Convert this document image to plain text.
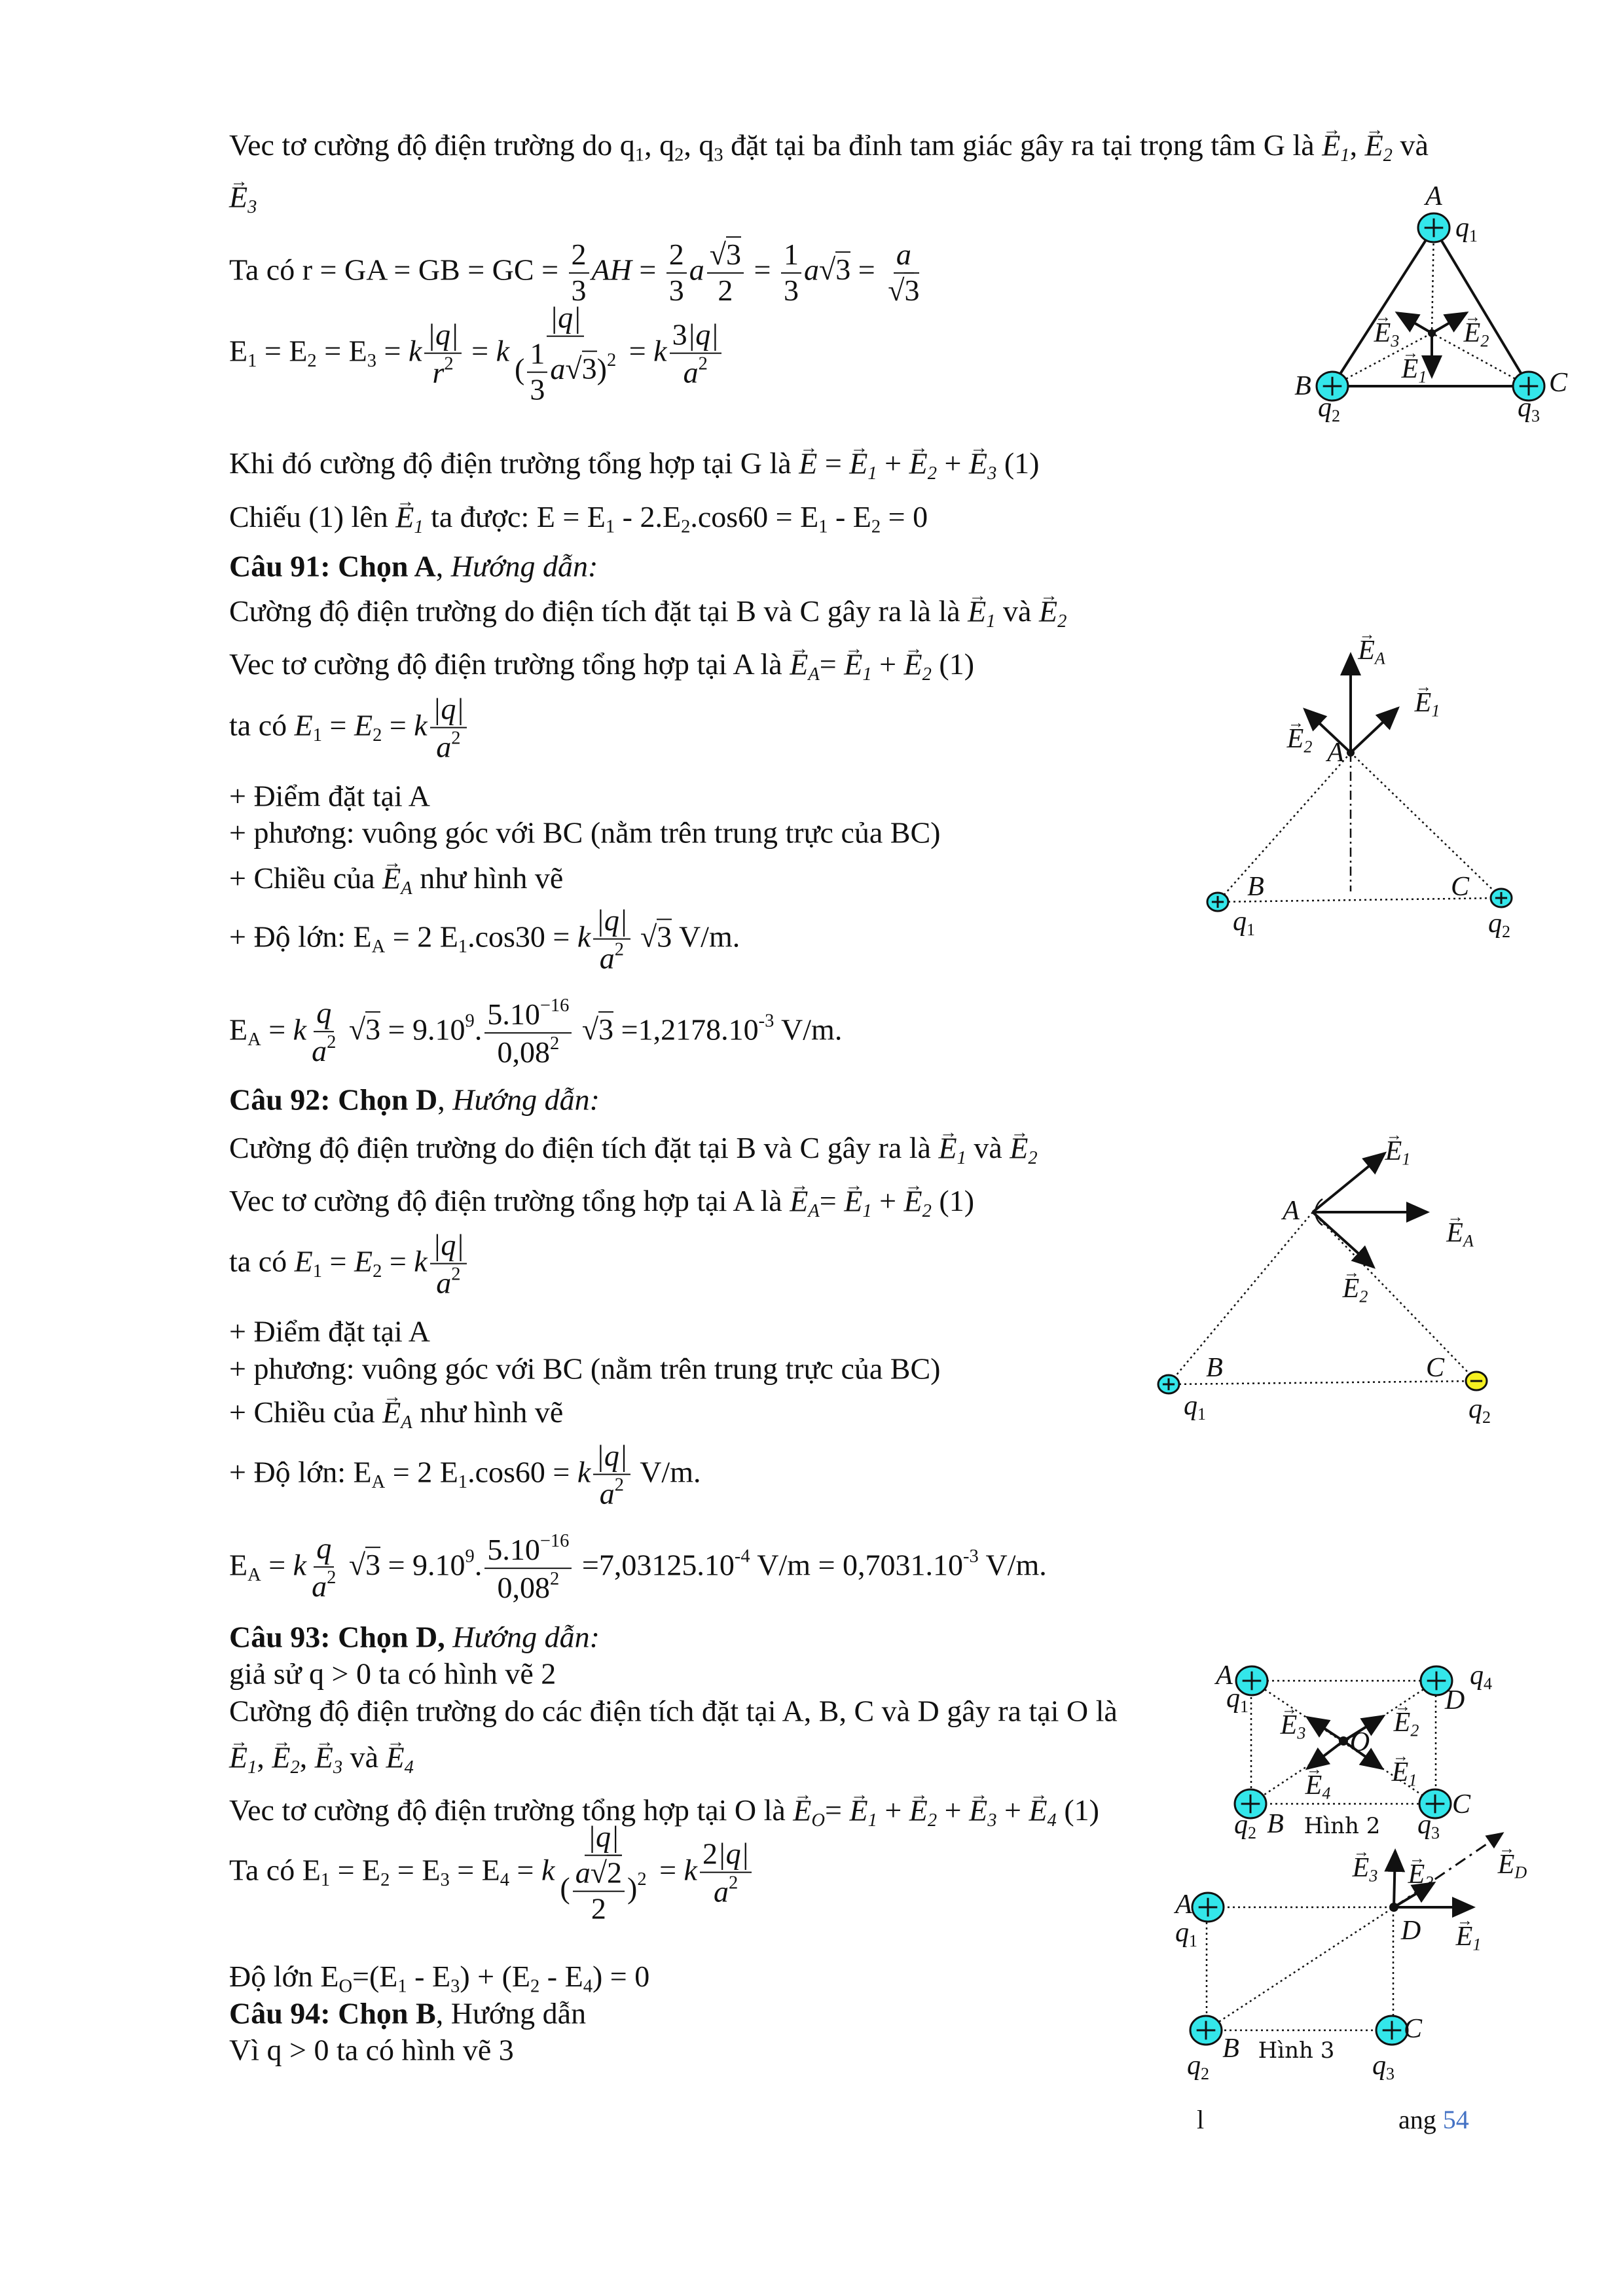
Vec tơ cường độ điện trường do $q_1$, $q_2$, $q_3$ đặt tại ba đỉnh tam giác gây ra tại trọng tâm G là → $E_1$, → $E_2$ và
→ $E_3$
Ta có r = GA = GB = GC = $\frac{2}{3}$ AH = $\frac{2}{3}$ a √ $\frac{3}{2} = \frac{1}{3}$ a √ 3 = a
√ 3
$E_1 = E_2 = E_3 = k \frac{|q|}{r^2} = k \frac{|q|}{( \frac{1}{3} a √ 3)^2} = k \frac{3|q|}{a^2}$
Khi đó cường độ điện trường tổng hợp tại G là → E = → $E_1$ + → $E_2$ + → $E_3$ (1)
Chiếu (1) lên → $E_1$ ta được: $E = E_1 - 2.E_2.\cos 60 = E_1 - E_2 = 0$
Câu 91: Chọn A, Hướng dẫn:
Cường độ điện trường do điện tích đặt tại B và C gây ra là là → $E_1$ và → $E_2$
Vec tơ cường độ điện trường tổng hợp tại A là → $E_A= \to E_1$ + → $E_2$ (1)
ta có $E_1 = E_2 = k \frac{|q|}{a^2}$
+ Điểm đặt tại A
+ phương: vuông góc với BC (nằm trên trung trực của BC)
+ Chiều của → $E_A$ như hình vẽ
+ Độ lớn: $E_A = 2$ $E_1.\cos 30 = k \frac{|q|}{a^2}$ √ 3 V/m.
$E_A = k \frac{q}{a^2}$ √ $3 = 9.10^9$. $\frac{5.10^{-16}}{0,08^2}$ √ $3 =1,2178.10^{-3}$ V/m.
Câu 92: Chọn D, Hướng dẫn:
Cường độ điện trường do điện tích đặt tại B và C gây ra là → $E_1$ và → $E_2$
Vec tơ cường độ điện trường tổng hợp tại A là → $E_A= \to E_1$ + → $E_2$ (1)
ta có $E_1 = E_2 = k \frac{|q|}{a^2}$
+ Điểm đặt tại A
+ phương: vuông góc với BC (nằm trên trung trực của BC)
+ Chiều của → $E_A$ như hình vẽ
+ Độ lớn: $E_A = 2$ $E_1.\cos 60 = k \frac{|q|}{a^2} V/m$.
$E_A = k \frac{q}{a^2}$ √ $3 = 9.10^9$. $\frac{5.10^{-16}}{0,08^2} =7,03125.10^{-4}$ $V/m = 0,7031.10^{-3}$ V/m.
Câu 93: Chọn D, Hướng dẫn:
giả sử q > 0 ta có hình vẽ 2
Cường độ điện trường do các điện tích đặt tại A, B, C và D gây ra tại O là
→ $E_1$, → $E_2$, → $E_3$ và → $E_4$
Vec tơ cường độ điện trường tổng hợp tại O là → $E_O= \to E_1$ + → $E_2$ + → $E_3$ + → $E_4$ (1)
Ta có $E_1 = E_2 = E_3 = E_4 = k \frac{|q|}{( \frac{a √ 2}{2} )^2} = k \frac{2|q|}{a^2}$
Độ lớn $E_O=(E_1 - E_3) + (E_2 - E_4) = 0$
Câu 94: Chọn B, Hướng dẫn
Vì q > 0 ta có hình vẽ 3
A
$q_1$
B
$q_2$
C
$q_3$
→ $E_1$
→ $E_2$
→ $E_3$
→ $E_A$
→ $E_1$
→ $E_2$ A
B	C
$q_1$	$q_2$
A
→ $E_1$
→ $E_A$
→ $E_2$
B	C
$q_1$	$q_2$
A
$q_1$
$q_4$
D
→ $E_3$	→ $E_2$
O
→ $E_1$
→ $E_4$	C
$q_2$ B Hình 2 $q_3$
→ $E_3 \to E_2$
→ $E_D$
A
$q_1$	$D \to E_1$
C
B Hình 3
$q_2$	$q_3$
l	ang 54
